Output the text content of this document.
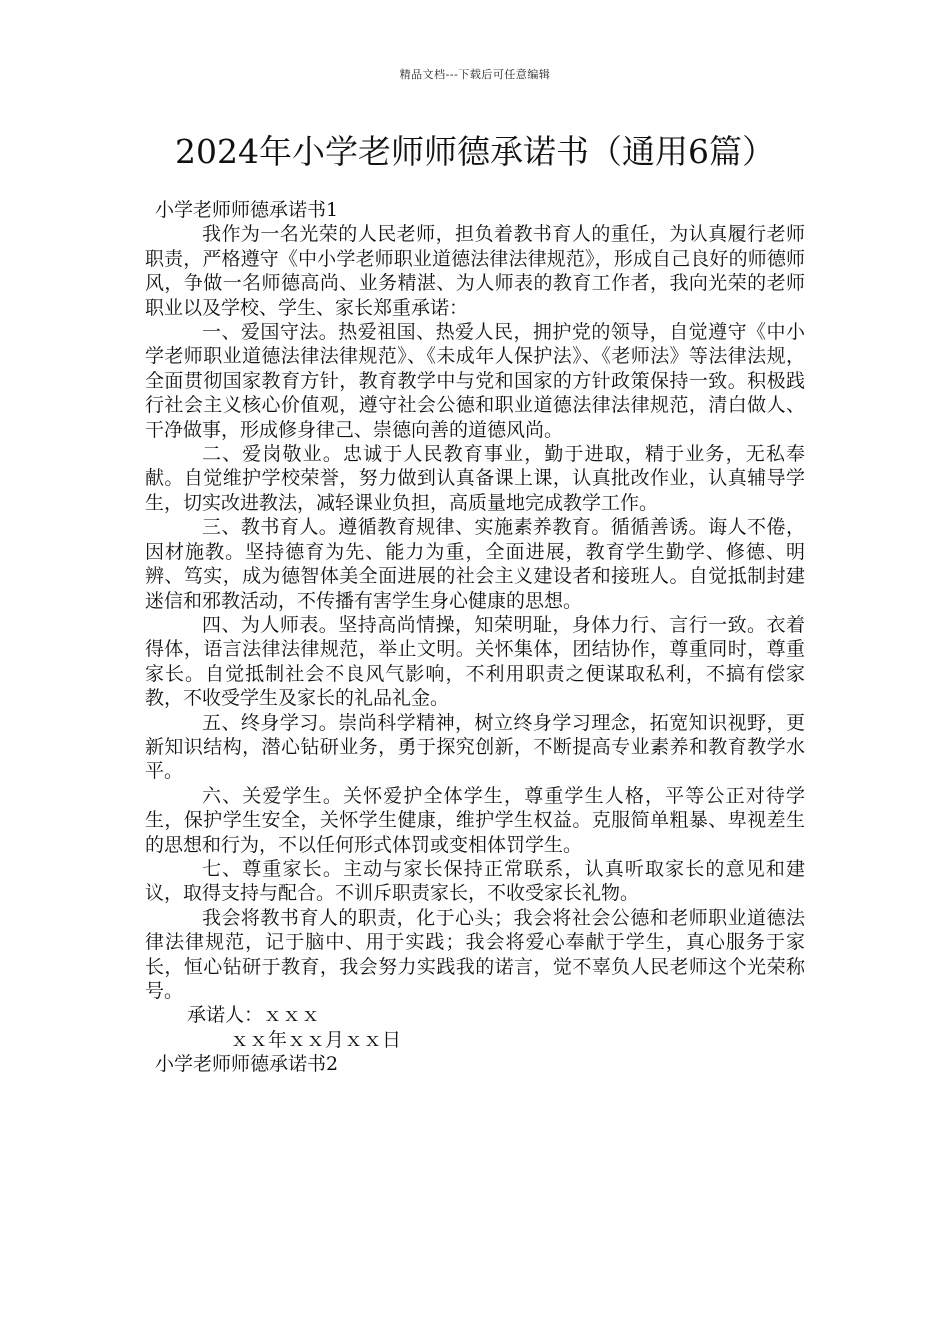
精品文档---下载后可任意编辑
2024年小学老师师德承诺书（通用6篇）

小学老师师德承诺书1

我作为一名光荣的人民老师，担负着教书育人的重任，为认真履行老师职责，严格遵守《中小学老师职业道德法律法律规范》，形成自己良好的师德师风，争做一名师德高尚、业务精湛、为人师表的教育工作者，我向光荣的老师职业以及学校、学生、家长郑重承诺：

一、爱国守法。热爱祖国、热爱人民，拥护党的领导，自觉遵守《中小学老师职业道德法律法律规范》、《未成年人保护法》、《老师法》等法律法规，全面贯彻国家教育方针，教育教学中与党和国家的方针政策保持一致。积极践行社会主义核心价值观，遵守社会公德和职业道德法律法律规范，清白做人、干净做事，形成修身律己、崇德向善的道德风尚。

二、爱岗敬业。忠诚于人民教育事业，勤于进取，精于业务，无私奉献。自觉维护学校荣誉，努力做到认真备课上课，认真批改作业，认真辅导学生，切实改进教法，减轻课业负担，高质量地完成教学工作。

三、教书育人。遵循教育规律、实施素养教育。循循善诱。诲人不倦，因材施教。坚持德育为先、能力为重，全面进展，教育学生勤学、修德、明辨、笃实，成为德智体美全面进展的社会主义建设者和接班人。自觉抵制封建迷信和邪教活动，不传播有害学生身心健康的思想。

四、为人师表。坚持高尚情操，知荣明耻，身体力行、言行一致。衣着得体，语言法律法律规范，举止文明。关怀集体，团结协作，尊重同时，尊重家长。自觉抵制社会不良风气影响，不利用职责之便谋取私利，不搞有偿家教，不收受学生及家长的礼品礼金。

五、终身学习。崇尚科学精神，树立终身学习理念，拓宽知识视野，更新知识结构，潜心钻研业务，勇于探究创新，不断提高专业素养和教育教学水平。

六、关爱学生。关怀爱护全体学生，尊重学生人格，平等公正对待学生，保护学生安全，关怀学生健康，维护学生权益。克服简单粗暴、卑视差生的思想和行为，不以任何形式体罚或变相体罚学生。

七、尊重家长。主动与家长保持正常联系，认真听取家长的意见和建议，取得支持与配合。不训斥职责家长，不收受家长礼物。

我会将教书育人的职责，化于心头；我会将社会公德和老师职业道德法律法律规范，记于脑中、用于实践；我会将爱心奉献于学生，真心服务于家长，恒心钻研于教育，我会努力实践我的诺言，觉不辜负人民老师这个光荣称号。

承诺人：ｘｘｘ

ｘｘ年ｘｘ月ｘｘ日

小学老师师德承诺书2
